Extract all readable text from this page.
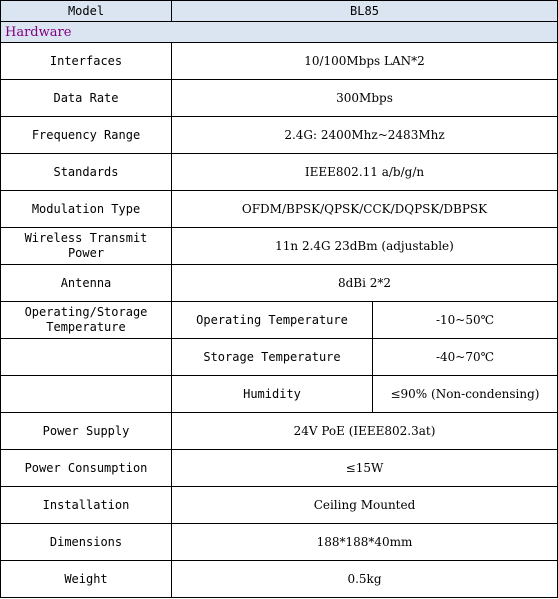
Model	BL85	
Hardware		
Interfaces	10/100Mbps LAN*2	
Data Rate	300Mbps	
Frequency Range	2.4G: 2400Mhz~2483Mhz	
Standards	IEEE802.11 a/b/g/n	
Modulation Type	OFDM/BPSK/QPSK/CCK/DQPSK/DBPSK	
Wireless Transmit Power	11n 2.4G 23dBm (adjustable)	
Antenna	8dBi 2*2	
Operating/Storage Temperature	Operating Temperature	-10~50℃
	Storage Temperature	-40~70℃
	Humidity	≤90% (Non-condensing)
Power Supply	24V PoE (IEEE802.3at)	
Power Consumption	≤15W	
Installation	Ceiling Mounted	
Dimensions	188*188*40mm	
Weight	0.5kg	
